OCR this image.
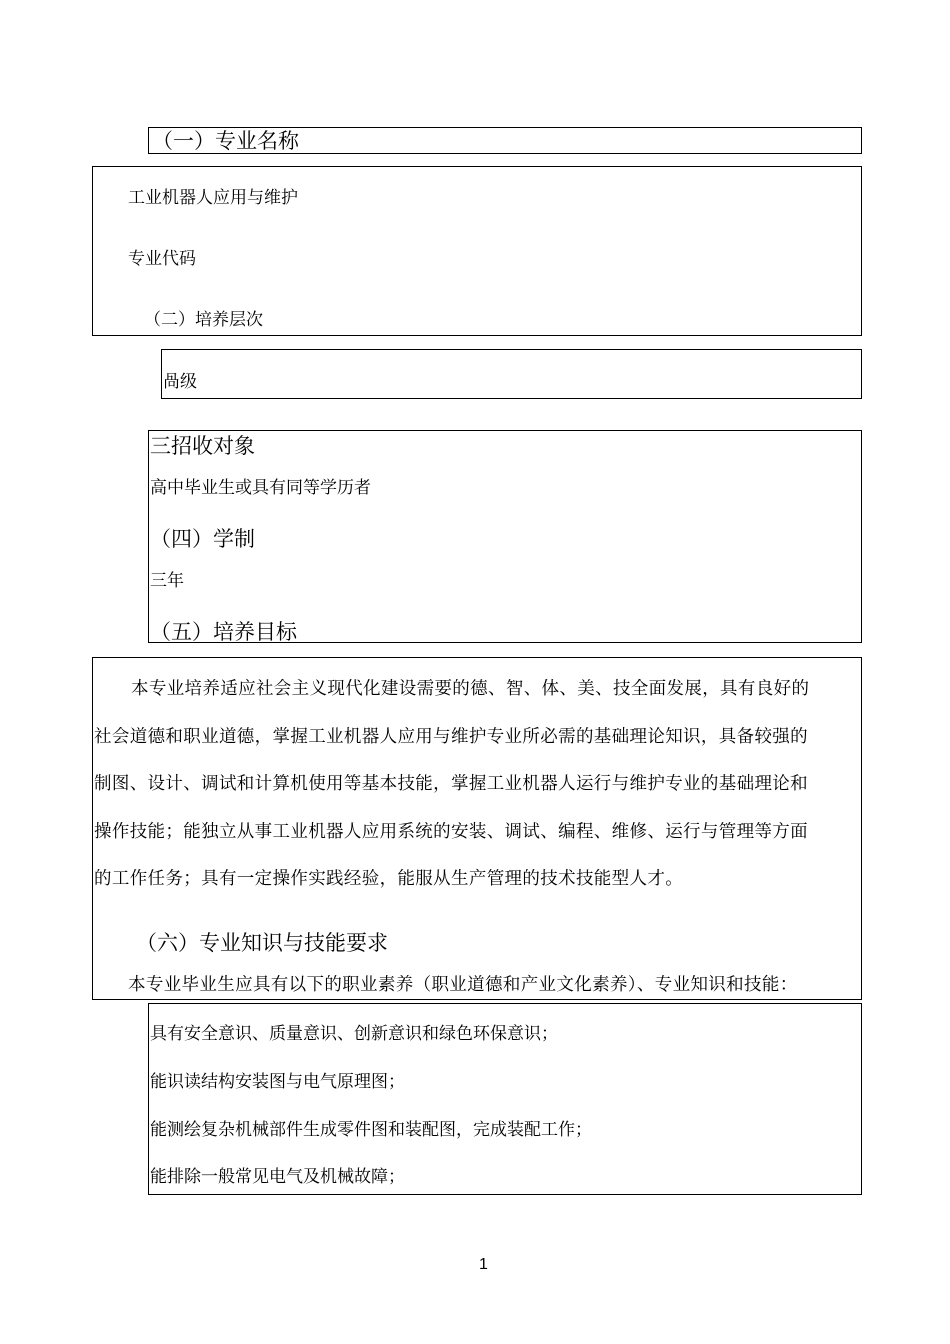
（一）专业名称
工业机器人应用与维护
专业代码
（二）培养层次
咼级
三招收对象
高中毕业生或具有同等学历者
（四）学制
三年
（五）培养目标
本专业培养适应社会主义现代化建设需要的德、智、体、美、技全面发展，具有良好的
社会道德和职业道德，掌握工业机器人应用与维护专业所必需的基础理论知识，具备较强的
制图、设计、调试和计算机使用等基本技能，掌握工业机器人运行与维护专业的基础理论和
操作技能；能独立从事工业机器人应用系统的安装、调试、编程、维修、运行与管理等方面
的工作任务；具有一定操作实践经验，能服从生产管理的技术技能型人才。
（六）专业知识与技能要求
本专业毕业生应具有以下的职业素养（职业道德和产业文化素养）、专业知识和技能：
具有安全意识、质量意识、创新意识和绿色环保意识；
能识读结构安装图与电气原理图；
能测绘复杂机械部件生成零件图和装配图，完成装配工作；
能排除一般常见电气及机械故障；
1
